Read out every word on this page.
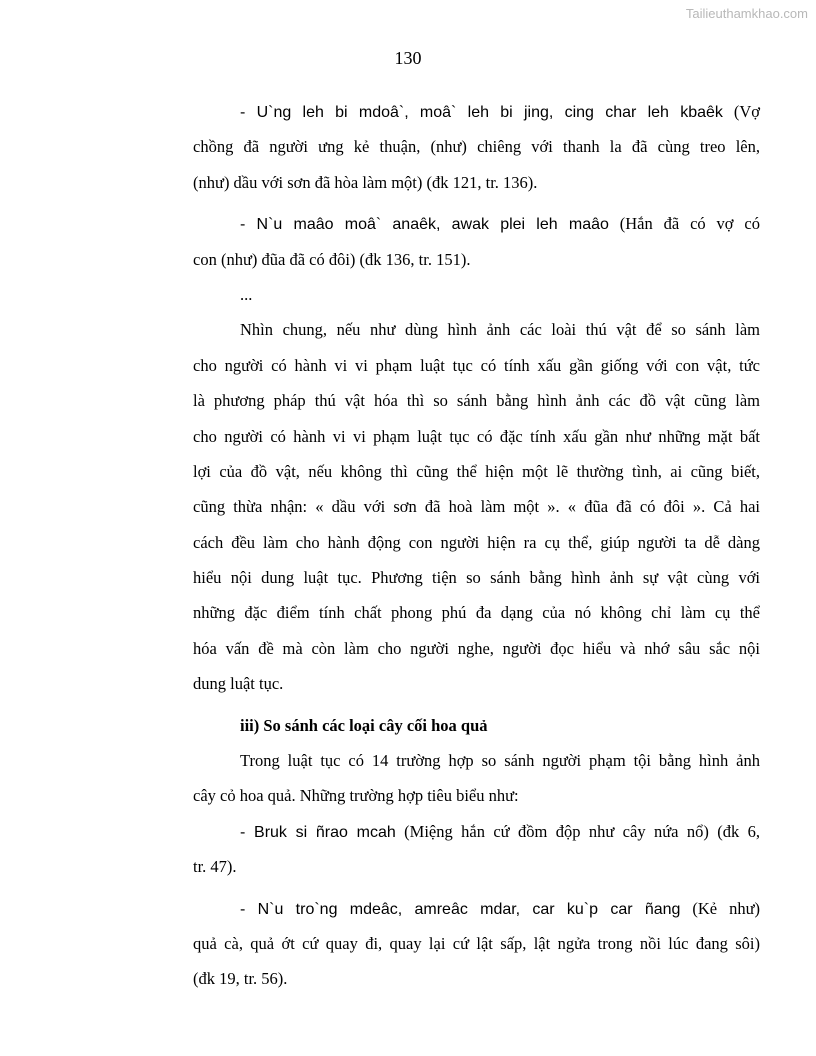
Tailieuthamkhao.com
130
- U`ng leh bi mdoâ`, moâ` leh bi jing, cing char leh kbaêk (Vợ
chồng đã người ưng kẻ thuận, (như) chiêng với thanh la đã cùng treo lên,
(như) dầu với sơn đã hòa làm một) (đk 121, tr. 136).
- N`u maâo moâ` anaêk, awak plei leh maâo (Hắn đã có vợ có
con (như) đũa đã có đôi) (đk 136, tr. 151).
...
Nhìn chung, nếu như dùng hình ảnh các loài thú vật để so sánh làm
cho người có hành vi vi phạm luật tục có tính xấu gần giống với con vật, tức
là phương pháp thú vật hóa thì so sánh bằng hình ảnh các đồ vật cũng làm
cho người có hành vi vi phạm luật tục có đặc tính xấu gần như những mặt bất
lợi của đồ vật, nếu không thì cũng thể hiện một lẽ thường tình, ai cũng biết,
cũng thừa nhận: « dầu với sơn đã hoà làm một ». « đũa đã có đôi ». Cả hai
cách đều làm cho hành động con người hiện ra cụ thể, giúp người ta dễ dàng
hiểu nội dung luật tục. Phương tiện so sánh bằng hình ảnh sự vật cùng với
những đặc điểm tính chất phong phú đa dạng của nó không chỉ làm cụ thể
hóa vấn đề mà còn làm cho người nghe, người đọc hiểu và nhớ sâu sắc nội
dung luật tục.
iii) So sánh các loại cây cối hoa quả
Trong luật tục có 14 trường hợp so sánh người phạm tội bằng hình ảnh
cây cỏ hoa quả. Những trường hợp tiêu biểu như:
- Bruk si ñrao mcah (Miệng hắn cứ đồm độp như cây nứa nổ) (đk 6,
tr. 47).
- N`u tro`ng mdeâc, amreâc mdar, car ku`p car ñang (Kẻ như)
quả cà, quả ớt cứ quay đi, quay lại cứ lật sấp, lật ngửa trong nồi lúc đang sôi)
(đk 19, tr. 56).
